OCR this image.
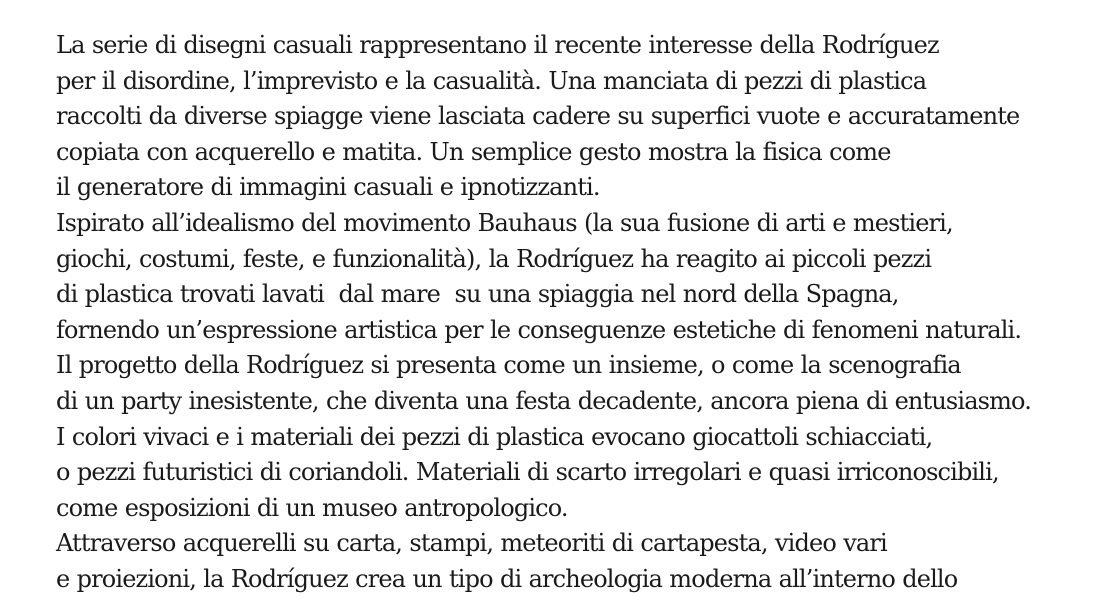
La serie di disegni casuali rappresentano il recente interesse della Rodríguez
per il disordine, l’imprevisto e la casualità. Una manciata di pezzi di plastica
raccolti da diverse spiagge viene lasciata cadere su superfici vuote e accuratamente
copiata con acquerello e matita. Un semplice gesto mostra la fisica come
il generatore di immagini casuali e ipnotizzanti.
Ispirato all’idealismo del movimento Bauhaus (la sua fusione di arti e mestieri,
giochi, costumi, feste, e funzionalità), la Rodríguez ha reagito ai piccoli pezzi
di plastica trovati lavati  dal mare  su una spiaggia nel nord della Spagna,
fornendo un’espressione artistica per le conseguenze estetiche di fenomeni naturali.
Il progetto della Rodríguez si presenta come un insieme, o come la scenografia
di un party inesistente, che diventa una festa decadente, ancora piena di entusiasmo.
I colori vivaci e i materiali dei pezzi di plastica evocano giocattoli schiacciati,
o pezzi futuristici di coriandoli. Materiali di scarto irregolari e quasi irriconoscibili,
come esposizioni di un museo antropologico.
Attraverso acquerelli su carta, stampi, meteoriti di cartapesta, video vari
e proiezioni, la Rodríguez crea un tipo di archeologia moderna all’interno dello
